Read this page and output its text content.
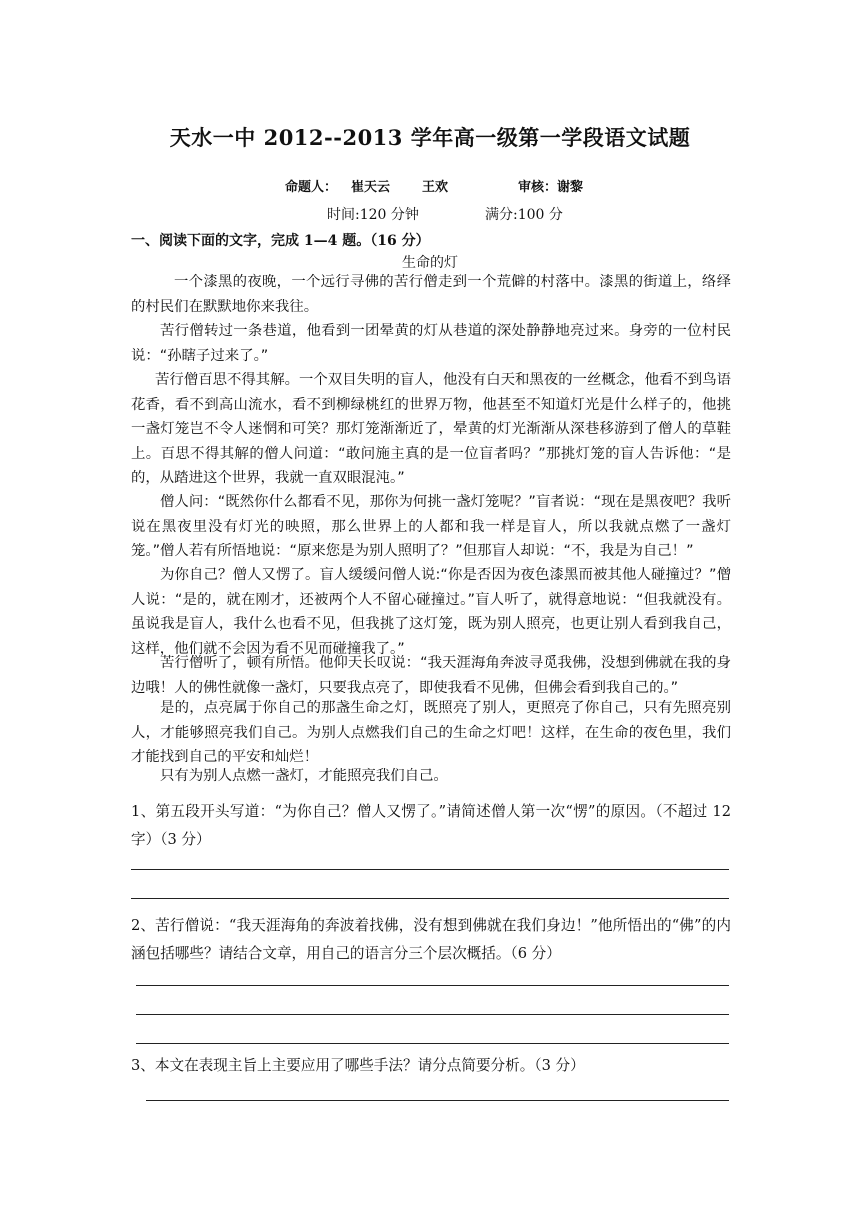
天水一中 2012--2013 学年高一级第一学段语文试题
命题人： 崔天云 王欢	审核：谢黎
时间:120 分钟	满分:100 分
一、阅读下面的文字，完成 1—4 题。（16 分）
生命的灯
一个漆黑的夜晚，一个远行寻佛的苦行僧走到一个荒僻的村落中。漆黑的街道上，络绎的村民们在默默地你来我往。
苦行僧转过一条巷道，他看到一团晕黄的灯从巷道的深处静静地亮过来。身旁的一位村民说：“孙瞎子过来了。”
苦行僧百思不得其解。一个双目失明的盲人，他没有白天和黑夜的一丝概念，他看不到鸟语花香，看不到高山流水，看不到柳绿桃红的世界万物，他甚至不知道灯光是什么样子的，他挑一盏灯笼岂不令人迷惘和可笑？那灯笼渐渐近了，晕黄的灯光渐渐从深巷移游到了僧人的草鞋上。百思不得其解的僧人问道：“敢问施主真的是一位盲者吗？”那挑灯笼的盲人告诉他：“是的，从踏进这个世界，我就一直双眼混沌。”
僧人问：“既然你什么都看不见，那你为何挑一盏灯笼呢？”盲者说：“现在是黑夜吧？我听说在黑夜里没有灯光的映照，那么世界上的人都和我一样是盲人，所以我就点燃了一盏灯笼。”僧人若有所悟地说：“原来您是为别人照明了？”但那盲人却说：“不，我是为自己！”
为你自己？僧人又愣了。盲人缓缓问僧人说:“你是否因为夜色漆黑而被其他人碰撞过？”僧人说：“是的，就在刚才，还被两个人不留心碰撞过。”盲人听了，就得意地说：“但我就没有。虽说我是盲人，我什么也看不见，但我挑了这灯笼，既为别人照亮，也更让别人看到我自己，这样，他们就不会因为看不见而碰撞我了。”
苦行僧听了，顿有所悟。他仰天长叹说：“我天涯海角奔波寻觅我佛，没想到佛就在我的身边哦！人的佛性就像一盏灯，只要我点亮了，即使我看不见佛，但佛会看到我自己的。”
是的，点亮属于你自己的那盏生命之灯，既照亮了别人，更照亮了你自己，只有先照亮别人，才能够照亮我们自己。为别人点燃我们自己的生命之灯吧！这样，在生命的夜色里，我们才能找到自己的平安和灿烂！
只有为别人点燃一盏灯，才能照亮我们自己。
1、第五段开头写道：“为你自己？僧人又愣了。”请简述僧人第一次“愣”的原因。（不超过 12 字）（3 分）
2、苦行僧说：“我天涯海角的奔波着找佛，没有想到佛就在我们身边！”他所悟出的“佛”的内涵包括哪些？请结合文章，用自己的语言分三个层次概括。（6 分）
3、本文在表现主旨上主要应用了哪些手法？请分点简要分析。（3 分）
